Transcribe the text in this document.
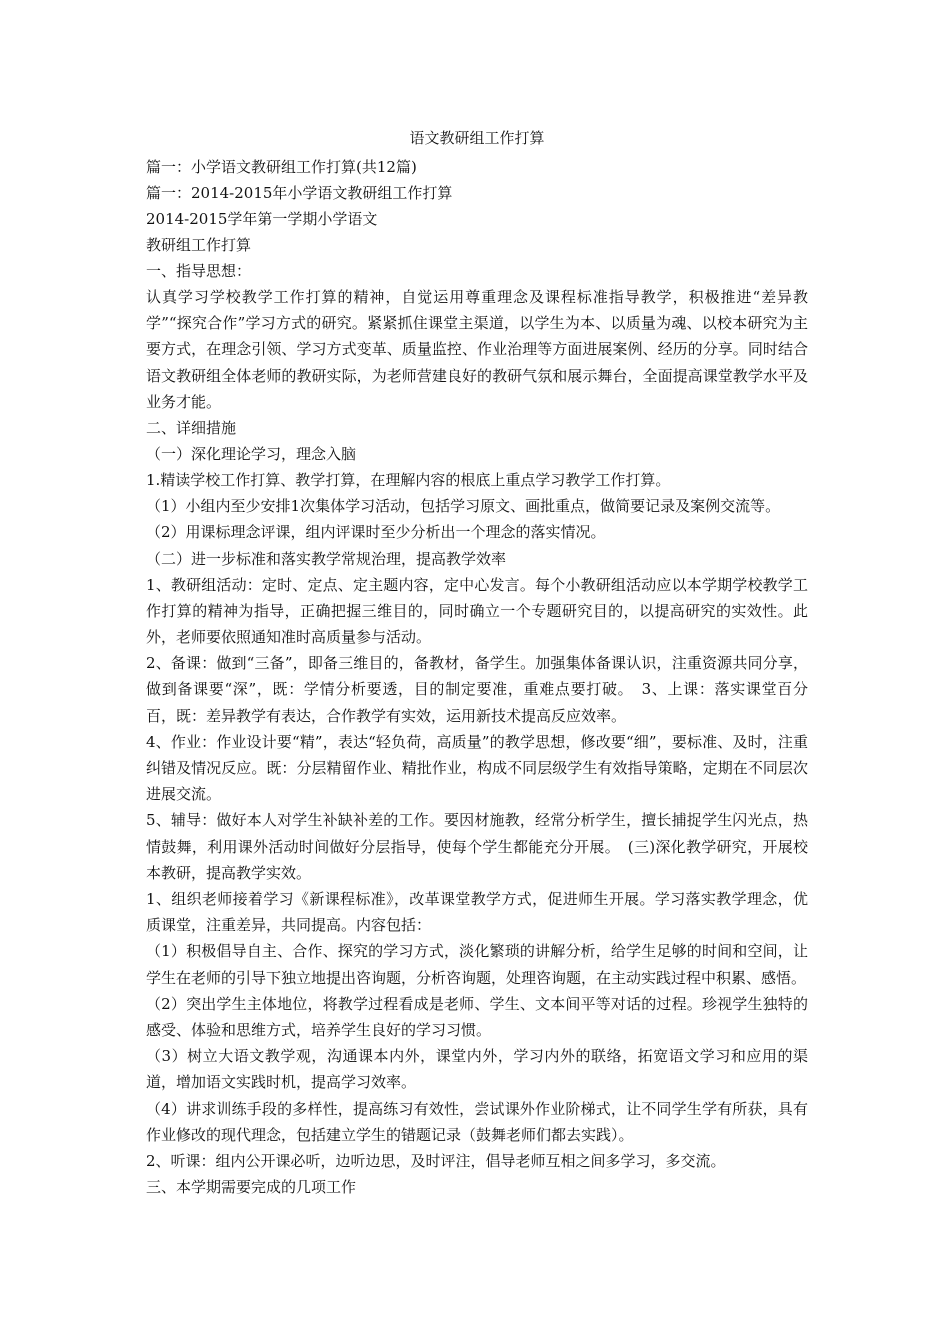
语文教研组工作打算

篇一：小学语文教研组工作打算(共12篇)

篇一：2014-2015年小学语文教研组工作打算

2014-2015学年第一学期小学语文

教研组工作打算

一、指导思想：

认真学习学校教学工作打算的精神，自觉运用尊重理念及课程标准指导教学，积极推进“差异教学”“探究合作”学习方式的研究。紧紧抓住课堂主渠道，以学生为本、以质量为魂、以校本研究为主要方式，在理念引领、学习方式变革、质量监控、作业治理等方面进展案例、经历的分享。同时结合语文教研组全体老师的教研实际，为老师营建良好的教研气氛和展示舞台，全面提高课堂教学水平及业务才能。

二、详细措施

（一）深化理论学习，理念入脑

1.精读学校工作打算、教学打算，在理解内容的根底上重点学习教学工作打算。

（1）小组内至少安排1次集体学习活动，包括学习原文、画批重点，做简要记录及案例交流等。

（2）用课标理念评课，组内评课时至少分析出一个理念的落实情况。

（二）进一步标准和落实教学常规治理，提高教学效率

1、教研组活动：定时、定点、定主题内容，定中心发言。每个小教研组活动应以本学期学校教学工作打算的精神为指导，正确把握三维目的，同时确立一个专题研究目的，以提高研究的实效性。此外，老师要依照通知准时高质量参与活动。

2、备课：做到“三备”，即备三维目的，备教材，备学生。加强集体备课认识，注重资源共同分享，做到备课要“深”，既：学情分析要透，目的制定要准，重难点要打破。　3、上课：落实课堂百分百，既：差异教学有表达，合作教学有实效，运用新技术提高反应效率。

4、作业：作业设计要“精”，表达“轻负荷，高质量”的教学思想，修改要“细”，要标准、及时，注重纠错及情况反应。既：分层精留作业、精批作业，构成不同层级学生有效指导策略，定期在不同层次进展交流。

5、辅导：做好本人对学生补缺补差的工作。要因材施教，经常分析学生，擅长捕捉学生闪光点，热情鼓舞，利用课外活动时间做好分层指导，使每个学生都能充分开展。　(三)深化教学研究，开展校本教研，提高教学实效。

1、组织老师接着学习《新课程标准》，改革课堂教学方式，促进师生开展。学习落实教学理念，优质课堂，注重差异，共同提高。内容包括：

（1）积极倡导自主、合作、探究的学习方式，淡化繁琐的讲解分析，给学生足够的时间和空间，让学生在老师的引导下独立地提出咨询题，分析咨询题，处理咨询题，在主动实践过程中积累、感悟。

（2）突出学生主体地位，将教学过程看成是老师、学生、文本间平等对话的过程。珍视学生独特的感受、体验和思维方式，培养学生良好的学习习惯。

（3）树立大语文教学观，沟通课本内外，课堂内外，学习内外的联络，拓宽语文学习和应用的渠道，增加语文实践时机，提高学习效率。

（4）讲求训练手段的多样性，提高练习有效性，尝试课外作业阶梯式，让不同学生学有所获，具有作业修改的现代理念，包括建立学生的错题记录（鼓舞老师们都去实践）。

2、听课：组内公开课必听，边听边思，及时评注，倡导老师互相之间多学习，多交流。

三、本学期需要完成的几项工作
